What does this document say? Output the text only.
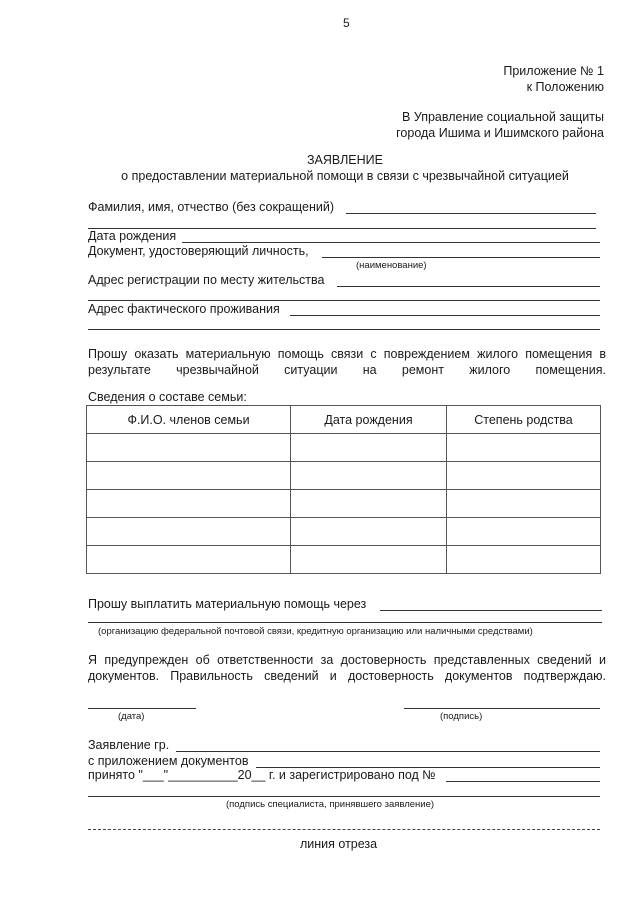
5
Приложение № 1
к Положению
В Управление социальной защиты
города Ишима и Ишимского района
ЗАЯВЛЕНИЕ
о предоставлении материальной помощи в связи с чрезвычайной ситуацией
Фамилия, имя, отчество (без сокращений)
Дата рождения
Документ, удостоверяющий личность,
(наименование)
Адрес регистрации по месту жительства
Адрес фактического проживания
Прошу оказать материальную помощь связи с повреждением жилого помещения в результате чрезвычайной ситуации на ремонт жилого помещения.
Сведения о составе семьи:
Ф.И.О. членов семьи	Дата рождения	Степень родства

Прошу выплатить материальную помощь через
(организацию федеральной почтовой связи, кредитную организацию или наличными средствами)
Я предупрежден об ответственности за достоверность представленных сведений и документов. Правильность сведений и достоверность документов подтверждаю.
(дата)	(подпись)
Заявление гр.
с приложением документов
принято "___"__________20__ г. и зарегистрировано под №
(подпись специалиста, принявшего заявление)
линия отреза
